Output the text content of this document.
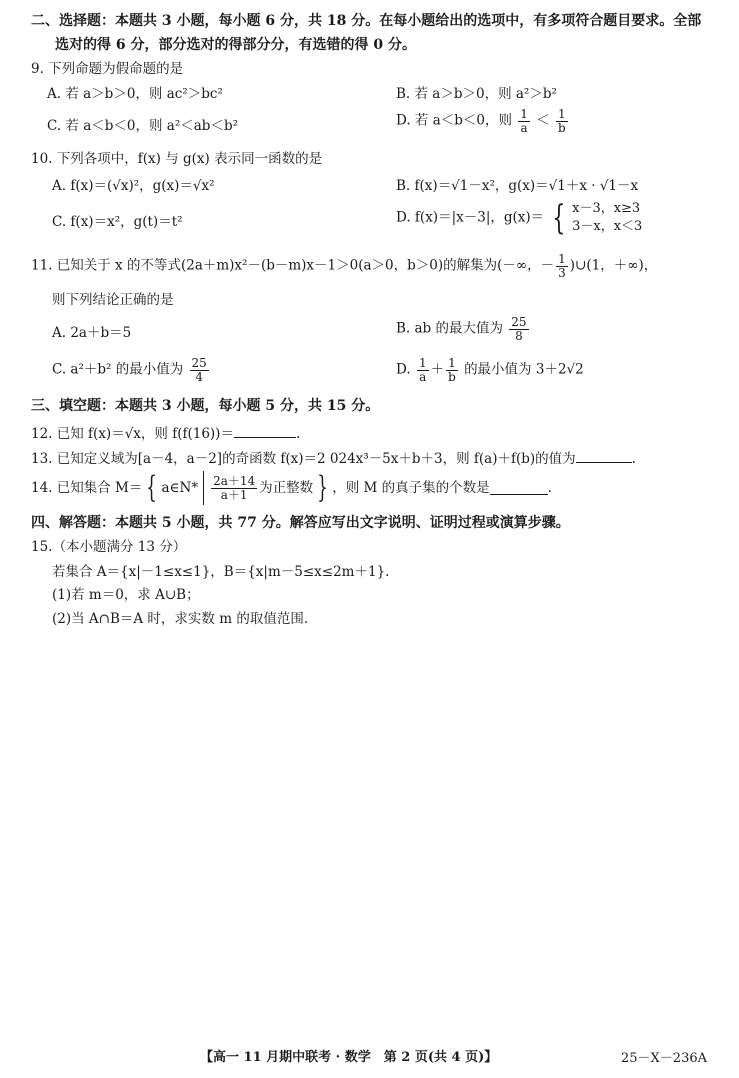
二、选择题：本题共 3 小题，每小题 6 分，共 18 分。在每小题给出的选项中，有多项符合题目要求。全部
选对的得 6 分，部分选对的得部分分，有选错的得 0 分。
9. 下列命题为假命题的是
A. 若 a＞b＞0，则 ac²＞bc²	B. 若 a＞b＞0，则 a²＞b²
C. 若 a＜b＜0，则 a²＜ab＜b²	D. 若 a＜b＜0，则 $\frac{1}{a} < \frac{1}{b}$
10. 下列各项中，f(x) 与 g(x) 表示同一函数的是
A. f(x)＝(√x)²，g(x)＝√x²	B. f(x)＝√1－x²，g(x)＝√1＋x · √1－x
C. f(x)＝x²，g(t)＝t²	D. f(x)＝|x－3|，g(x)＝ { x－3，x≥3
3－x，x＜3
11. 已知关于 x 的不等式(2a＋m)x²－(b－m)x－1＞0(a＞0，b＞0)的解集为(－∞，－ $\frac{1}{3}$ )∪(1，＋∞)，
则下列结论正确的是
A. 2a＋b＝5	B. ab 的最大值为 $\frac{25}{8}$
C. a²＋b² 的最小值为 $\frac{25}{4}$	D. $\frac{1}{a} + \frac{1}{b}$ 的最小值为 3＋2√2
三、填空题：本题共 3 小题，每小题 5 分，共 15 分。
12. 已知 f(x)＝√x，则 f(f(16))＝	.
13. 已知定义域为[a－4，a－2]的奇函数 f(x)＝2 024x³－5x＋b＋3，则 f(a)＋f(b)的值为	.
14. 已知集合 M＝ { a∈N* $\frac{2a+14}{a+1}$ 为正整数 } ，则 M 的真子集的个数是	.
四、解答题：本题共 5 小题，共 77 分。解答应写出文字说明、证明过程或演算步骤。
15.（本小题满分 13 分）
若集合 A＝{x|－1≤x≤1}，B＝{x|m－5≤x≤2m＋1}.
(1)若 m＝0，求 A∪B；
(2)当 A∩B＝A 时，求实数 m 的取值范围.
【高一 11 月期中联考 · 数学　第 2 页(共 4 页)】	25－X－236A
